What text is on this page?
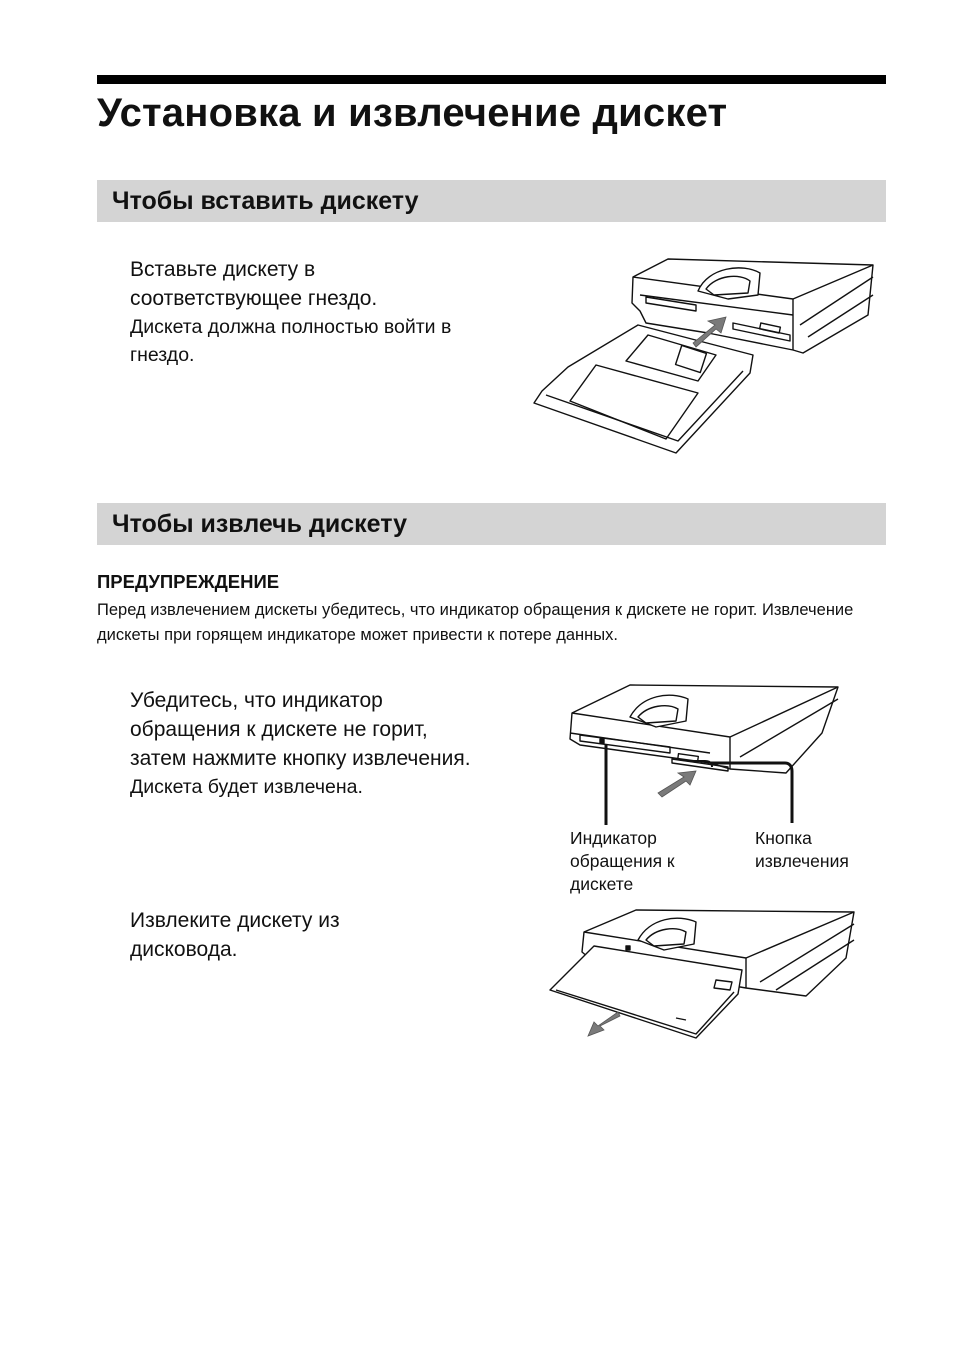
Установка и извлечение дискет
Чтобы вставить дискету

Вставьте дискету в соответствующее гнездо.
Дискета должна полностью войти в гнездо.

Чтобы извлечь дискету

ПРЕДУПРЕЖДЕНИЕ

Перед извлечением дискеты убедитесь, что индикатор обращения к дискете не горит. Извлечение дискеты при горящем индикаторе может привести к потере данных.

Убедитесь, что индикатор обращения к дискете не горит, затем нажмите кнопку извлечения.
Дискета будет извлечена.

Индикатор обращения к дискете

Кнопка извлечения

Извлеките дискету из дисковода.
